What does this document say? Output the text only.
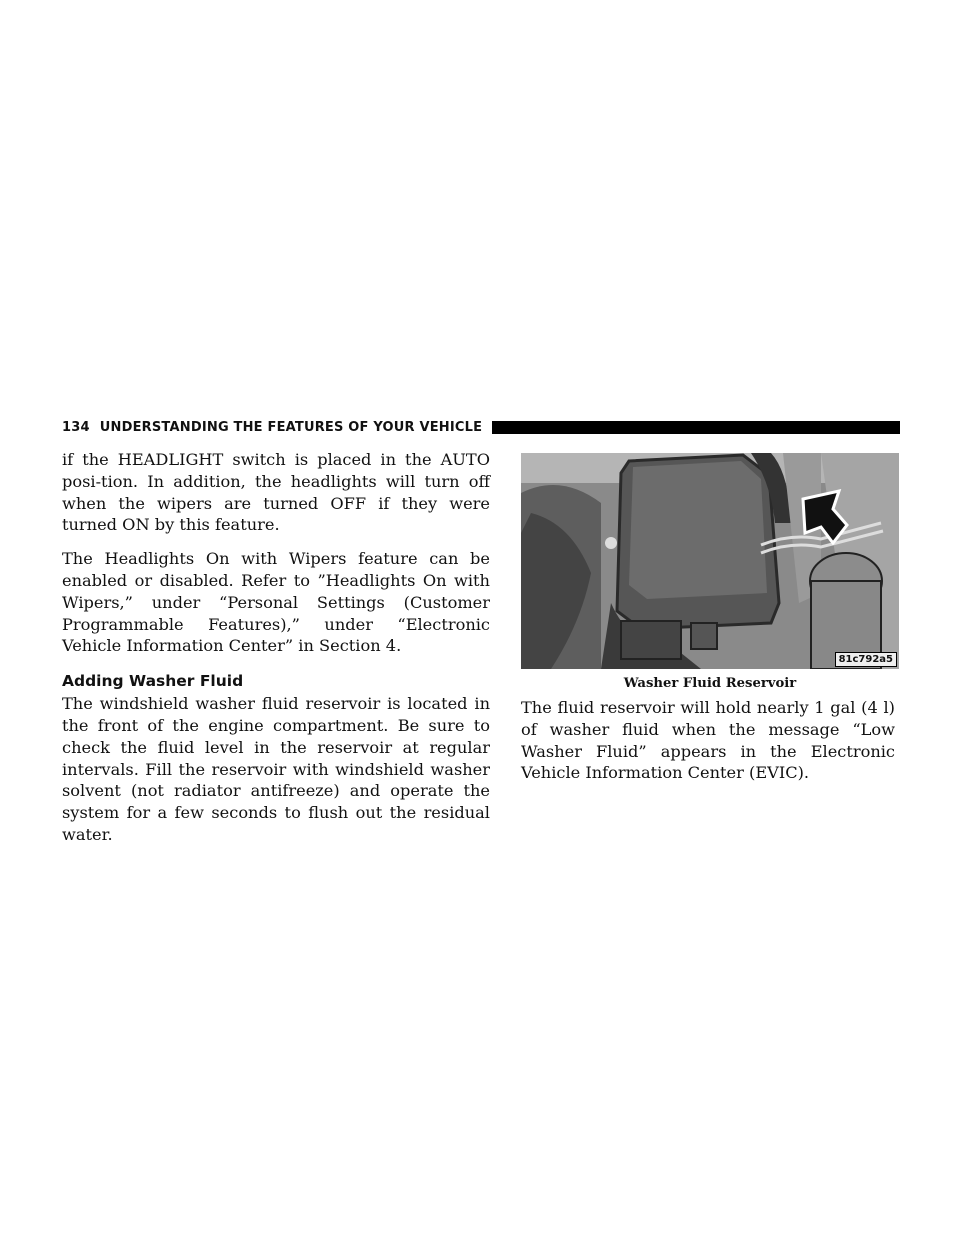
134 UNDERSTANDING THE FEATURES OF YOUR VEHICLE

if the HEADLIGHT switch is placed in the AUTO posi-tion. In addition, the headlights will turn off when the wipers are turned OFF if they were turned ON by this feature.

The Headlights On with Wipers feature can be enabled or disabled. Refer to ”Headlights On with Wipers,” under “Personal Settings (Customer Programmable Features),” under “Electronic Vehicle Information Center” in Section 4.

Adding Washer Fluid

The windshield washer fluid reservoir is located in the front of the engine compartment. Be sure to check the fluid level in the reservoir at regular intervals. Fill the reservoir with windshield washer solvent (not radiator antifreeze) and operate the system for a few seconds to flush out the residual water.

81c792a5
Washer Fluid Reservoir

The fluid reservoir will hold nearly 1 gal (4 l) of washer fluid when the message “Low Washer Fluid” appears in the Electronic Vehicle Information Center (EVIC).
